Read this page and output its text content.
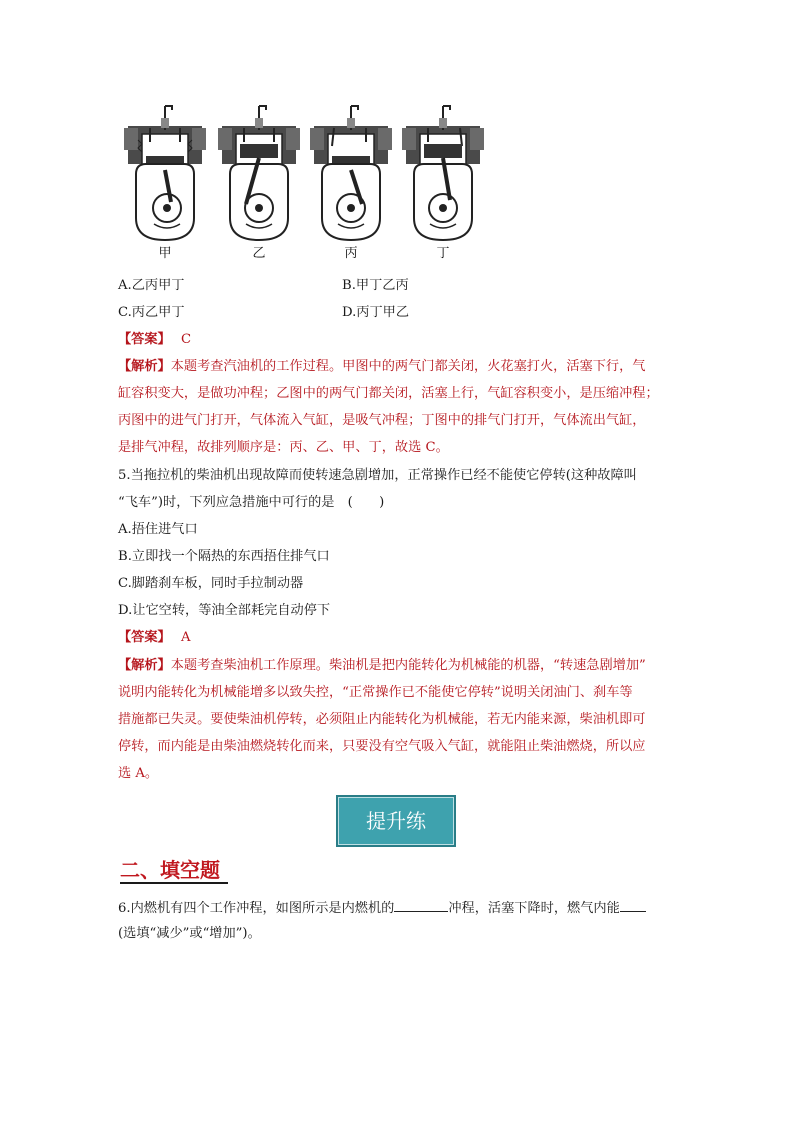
甲	乙	丙	丁
A.乙丙甲丁	B.甲丁乙丙
C.丙乙甲丁	D.丙丁甲乙
【答案】 C
【解析】本题考查汽油机的工作过程。甲图中的两气门都关闭，火花塞打火，活塞下行，气
缸容积变大，是做功冲程；乙图中的两气门都关闭，活塞上行，气缸容积变小，是压缩冲程；
丙图中的进气门打开，气体流入气缸，是吸气冲程；丁图中的排气门打开，气体流出气缸，
是排气冲程，故排列顺序是：丙、乙、甲、丁，故选 C。
5.当拖拉机的柴油机出现故障而使转速急剧增加，正常操作已经不能使它停转(这种故障叫
“飞车”)时，下列应急措施中可行的是　(　　)
A.捂住进气口
B.立即找一个隔热的东西捂住排气口
C.脚踏刹车板，同时手拉制动器
D.让它空转，等油全部耗完自动停下
【答案】 A
【解析】本题考查柴油机工作原理。柴油机是把内能转化为机械能的机器，“转速急剧增加”
说明内能转化为机械能增多以致失控，“正常操作已不能使它停转”说明关闭油门、刹车等
措施都已失灵。要使柴油机停转，必须阻止内能转化为机械能，若无内能来源，柴油机即可
停转，而内能是由柴油燃烧转化而来，只要没有空气吸入气缸，就能阻止柴油燃烧，所以应
选 A。
提升练
二、填空题
6.内燃机有四个工作冲程，如图所示是内燃机的	冲程，活塞下降时，燃气内能
(选填“减少”或“增加”)。
